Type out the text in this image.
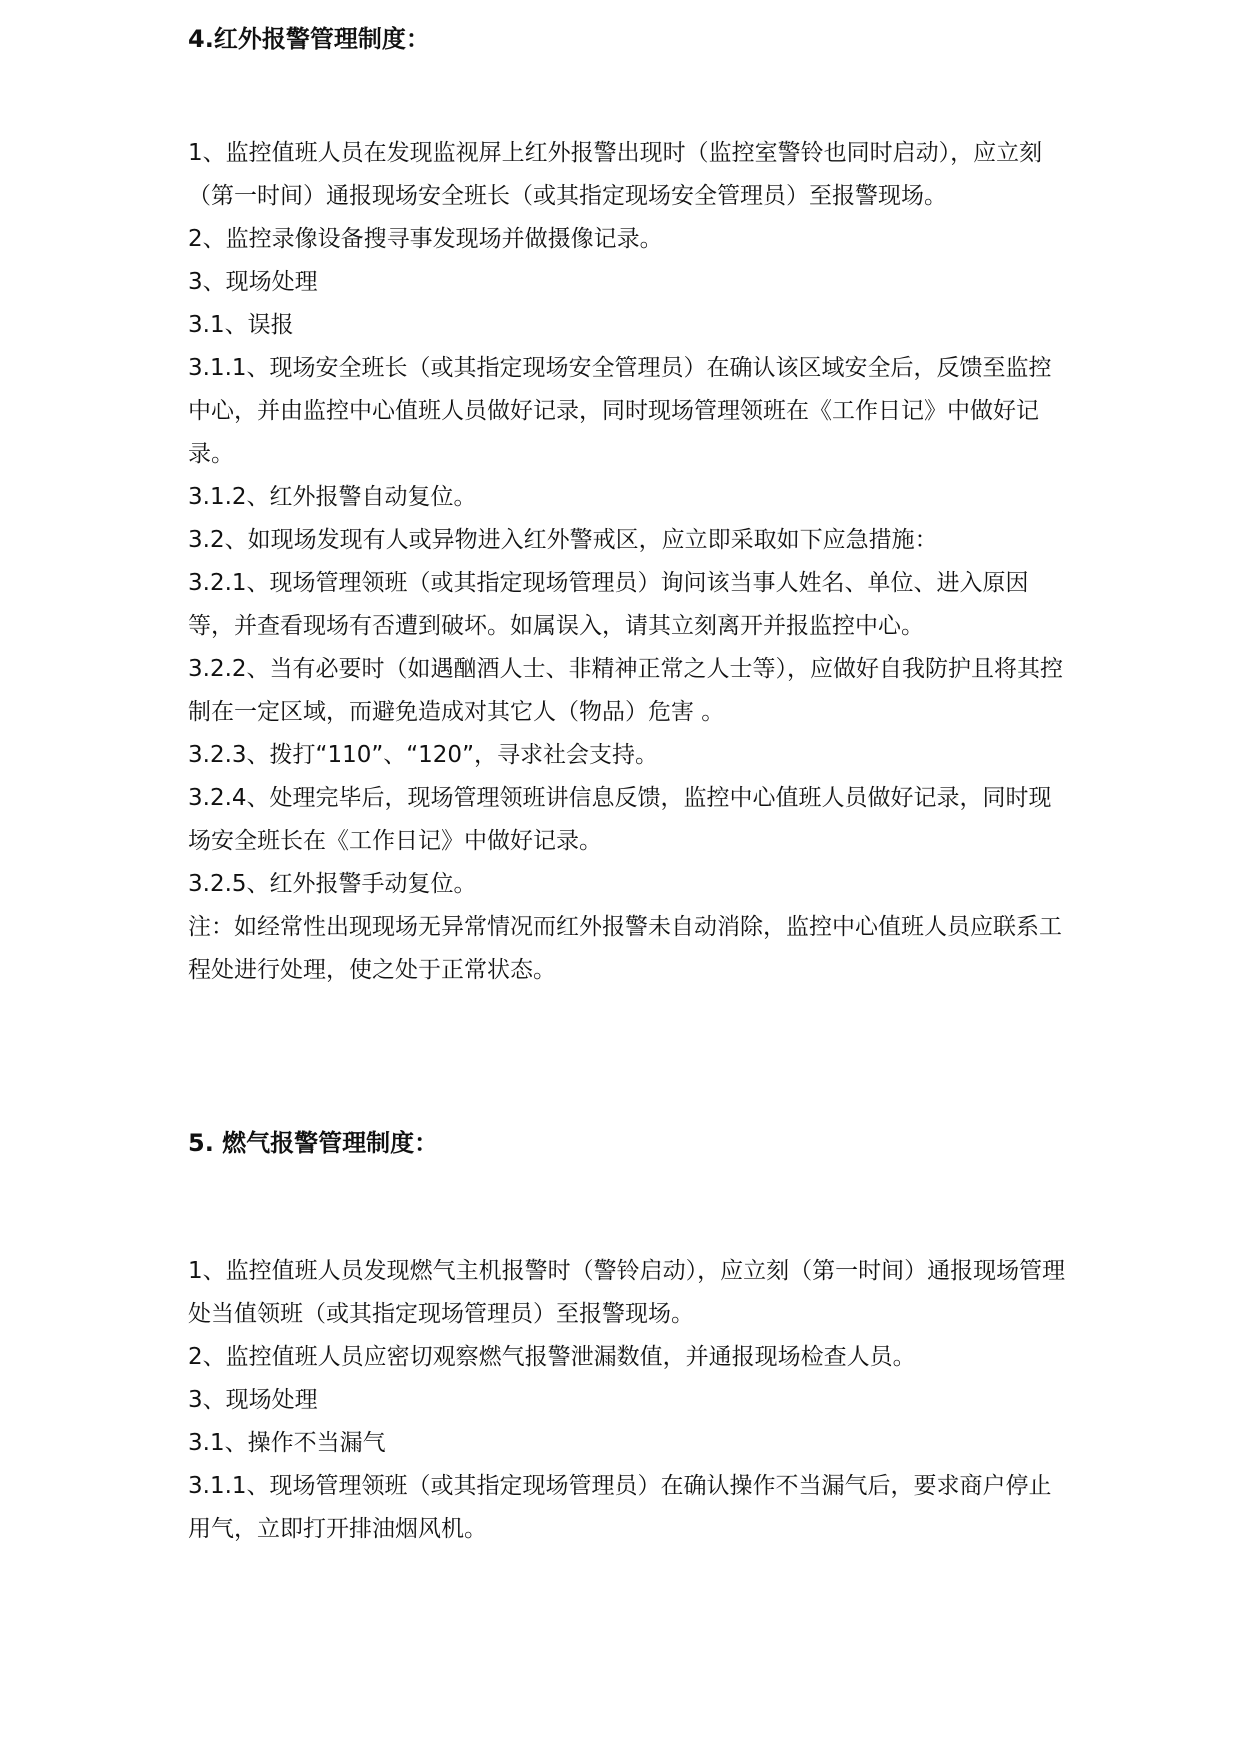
4.红外报警管理制度：

1、监控值班人员在发现监视屏上红外报警出现时（监控室警铃也同时启动），应立刻（第一时间）通报现场安全班长（或其指定现场安全管理员）至报警现场。

2、监控录像设备搜寻事发现场并做摄像记录。

3、现场处理

3.1、误报

3.1.1、现场安全班长（或其指定现场安全管理员）在确认该区域安全后，反馈至监控中心，并由监控中心值班人员做好记录，同时现场管理领班在《工作日记》中做好记录。

3.1.2、红外报警自动复位。

3.2、如现场发现有人或异物进入红外警戒区，应立即采取如下应急措施：

3.2.1、现场管理领班（或其指定现场管理员）询问该当事人姓名、单位、进入原因等，并查看现场有否遭到破坏。如属误入，请其立刻离开并报监控中心。

3.2.2、当有必要时（如遇酗酒人士、非精神正常之人士等），应做好自我防护且将其控制在一定区域，而避免造成对其它人（物品）危害 。

3.2.3、拨打“110”、“120”，寻求社会支持。

3.2.4、处理完毕后，现场管理领班讲信息反馈，监控中心值班人员做好记录，同时现场安全班长在《工作日记》中做好记录。

3.2.5、红外报警手动复位。

注：如经常性出现现场无异常情况而红外报警未自动消除，监控中心值班人员应联系工程处进行处理，使之处于正常状态。

5. 燃气报警管理制度：

1、监控值班人员发现燃气主机报警时（警铃启动），应立刻（第一时间）通报现场管理处当值领班（或其指定现场管理员）至报警现场。

2、监控值班人员应密切观察燃气报警泄漏数值，并通报现场检查人员。

3、现场处理

3.1、操作不当漏气

3.1.1、现场管理领班（或其指定现场管理员）在确认操作不当漏气后，要求商户停止用气，立即打开排油烟风机。
